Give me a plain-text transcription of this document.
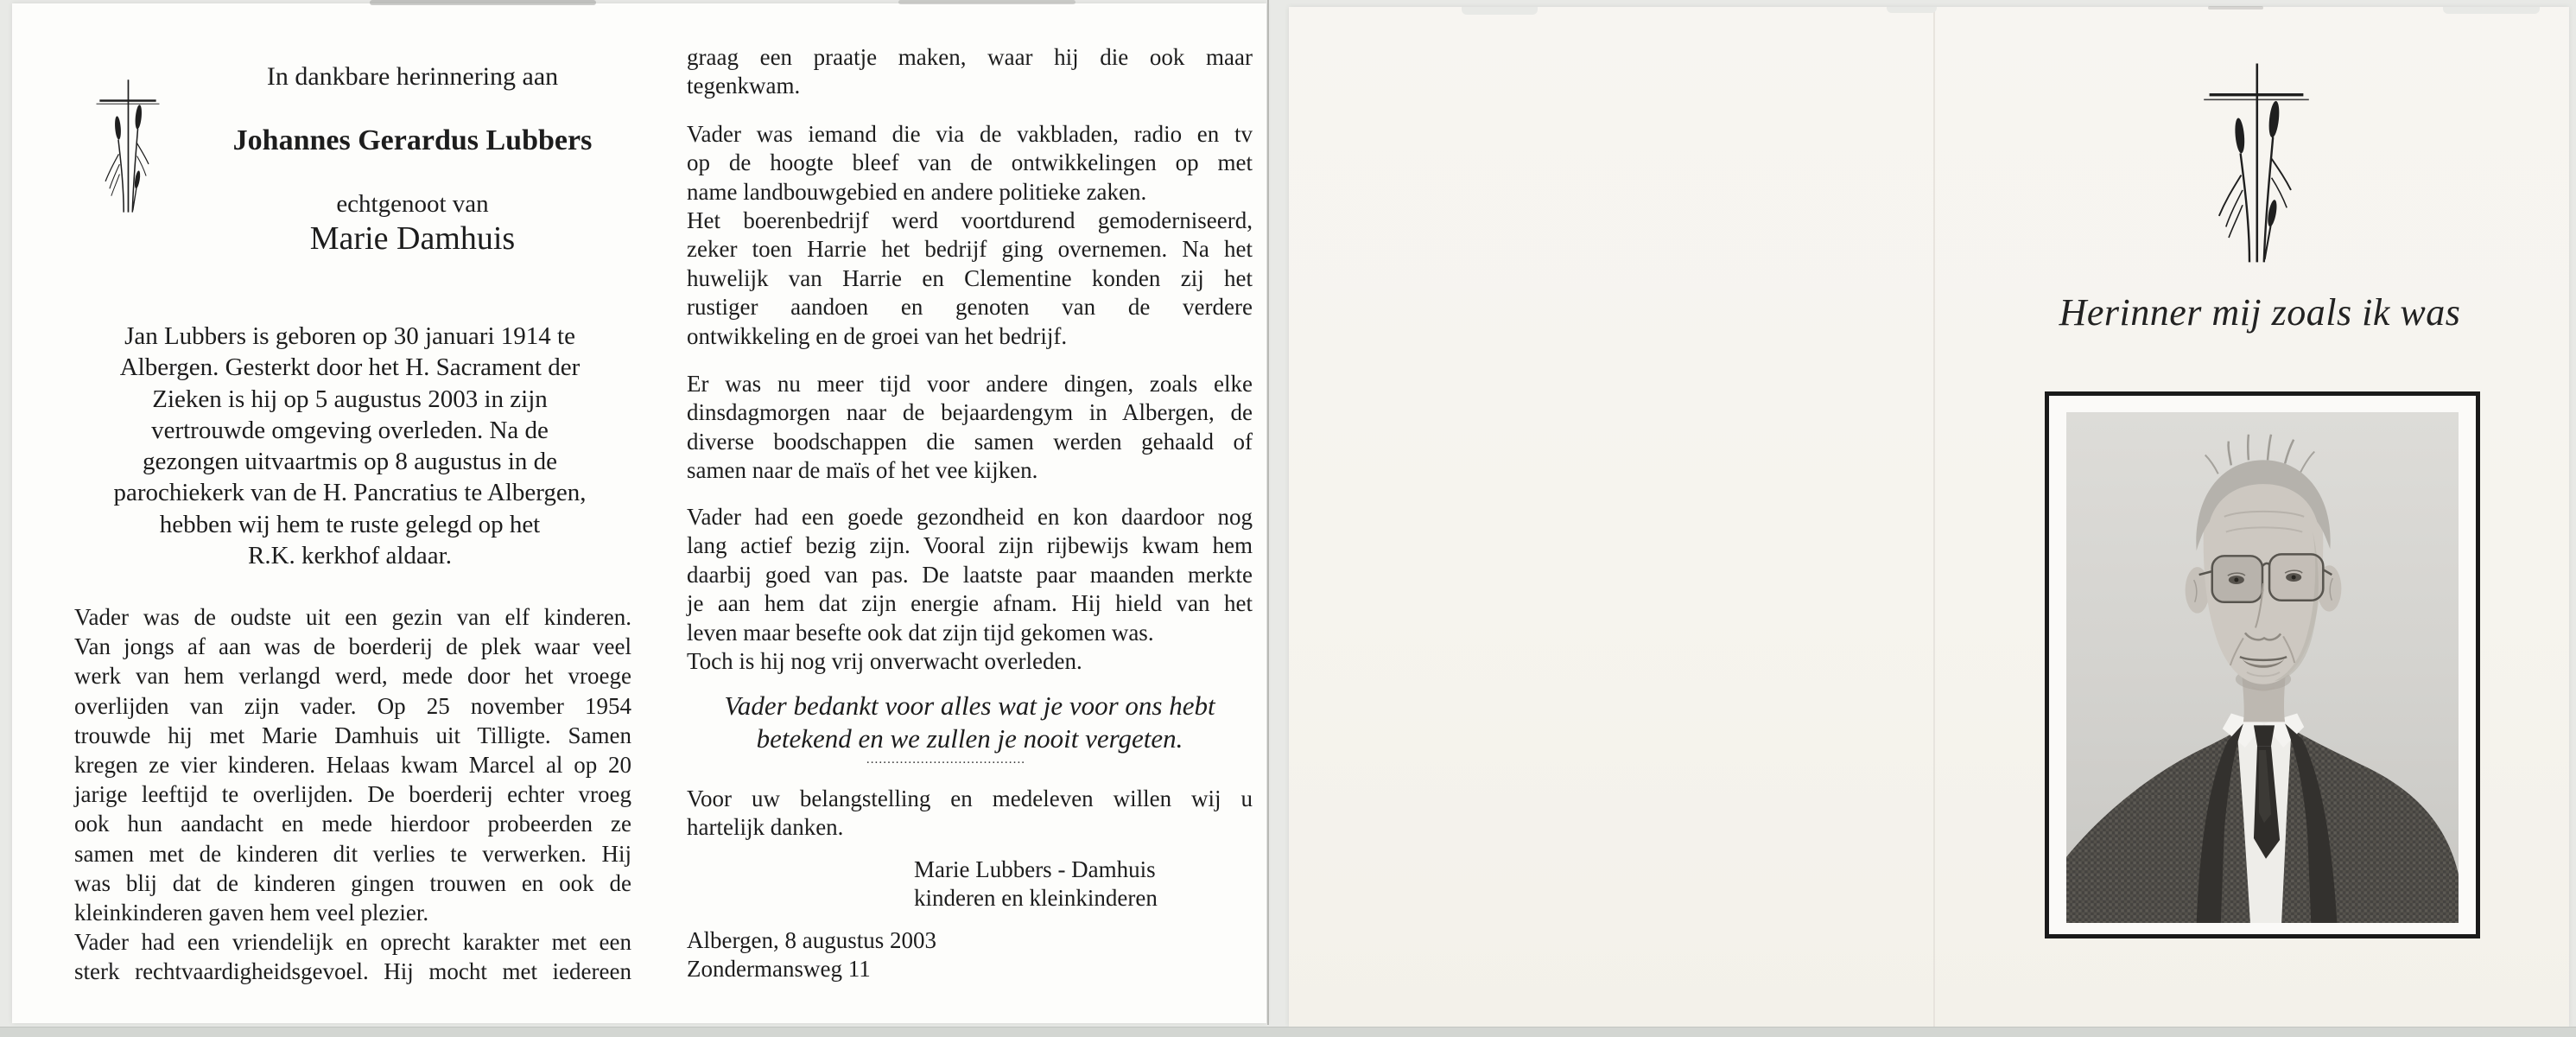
In dankbare herinnering aan
Johannes Gerardus Lubbers
echtgenoot van
Marie Damhuis
Jan Lubbers is geboren op 30 januari 1914 te
Albergen. Gesterkt door het H. Sacrament der
Zieken is hij op 5 augustus 2003 in zijn
vertrouwde omgeving overleden. Na de
gezongen uitvaartmis op 8 augustus in de
parochiekerk van de H. Pancratius te Albergen,
hebben wij hem te ruste gelegd op het
R.K. kerkhof aldaar.
Vader was de oudste uit een gezin van elf kinderen.
Van jongs af aan was de boerderij de plek waar veel
werk van hem verlangd werd, mede door het vroege
overlijden van zijn vader. Op 25 november 1954
trouwde hij met Marie Damhuis uit Tilligte. Samen
kregen ze vier kinderen. Helaas kwam Marcel al op 20
jarige leeftijd te overlijden. De boerderij echter vroeg
ook hun aandacht en mede hierdoor probeerden ze
samen met de kinderen dit verlies te verwerken. Hij
was blij dat de kinderen gingen trouwen en ook de
kleinkinderen gaven hem veel plezier.
Vader had een vriendelijk en oprecht karakter met een
sterk rechtvaardigheidsgevoel. Hij mocht met iedereen
graag een praatje maken, waar hij die ook maar
tegenkwam.
Vader was iemand die via de vakbladen, radio en tv
op de hoogte bleef van de ontwikkelingen op met
name landbouwgebied en andere politieke zaken.
Het boerenbedrijf werd voortdurend gemoderniseerd,
zeker toen Harrie het bedrijf ging overnemen. Na het
huwelijk van Harrie en Clementine konden zij het
rustiger aandoen en genoten van de verdere
ontwikkeling en de groei van het bedrijf.
Er was nu meer tijd voor andere dingen, zoals elke
dinsdagmorgen naar de bejaardengym in Albergen, de
diverse boodschappen die samen werden gehaald of
samen naar de maïs of het vee kijken.
Vader had een goede gezondheid en kon daardoor nog
lang actief bezig zijn. Vooral zijn rijbewijs kwam hem
daarbij goed van pas. De laatste paar maanden merkte
je aan hem dat zijn energie afnam. Hij hield van het
leven maar besefte ook dat zijn tijd gekomen was.
Toch is hij nog vrij onverwacht overleden.
Vader bedankt voor alles wat je voor ons hebt
betekend en we zullen je nooit vergeten.
......................................
Voor uw belangstelling en medeleven willen wij u
hartelijk danken.
Marie Lubbers - Damhuis
kinderen en kleinkinderen
Albergen, 8 augustus 2003
Zondermansweg 11
Herinner mij zoals ik was
